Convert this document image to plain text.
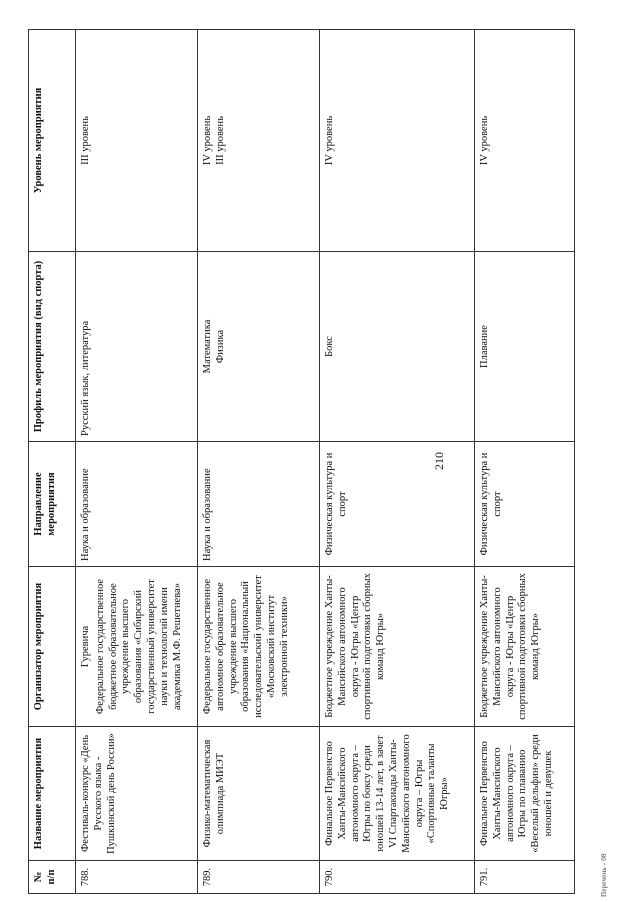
210
№ п/п	Название мероприятия	Организатор мероприятия	Направление мероприятия	Профиль мероприятия (вид спорта)	Уровень мероприятия
788.	Фестиваль-конкурс «День Русского языка - Пушкинский день России»	Гуревича Федеральное государственное бюджетное образовательное учреждение высшего образования «Сибирский государственный университет науки и технологий имени академика М.Ф. Решетнева»	Наука и образование	Русский язык, литература	III уровень

789.	Физико-математическая олимпиада МИЭТ	Федеральное государственное автономное образовательное учреждение высшего образования «Национальный исследовательский университет «Московский институт электронной техники»	Наука и образование	Математика Физика	IV уровень III уровень

790.	Финальное Первенство Ханты-Мансийского автономного округа – Югры по боксу среди юношей 13-14 лет, в зачет VI Спартакиады Ханты-Мансийского автономного округа – Югры «Спортивные таланты Югры»	Бюджетное учреждение Ханты-Мансийского автономного округа - Югры «Центр спортивной подготовки сборных команд Югры»	Физическая культура и спорт	Бокс	IV уровень

791.	Финальное Первенство Ханты-Мансийского автономного округа – Югры по плаванию «Веселый дельфин» среди юношей и девушек	Бюджетное учреждение Ханты-Мансийского автономного округа - Югры «Центр спортивной подготовки сборных команд Югры»	Физическая культура и спорт	Плавание	IV уровень
Перечень - 08
